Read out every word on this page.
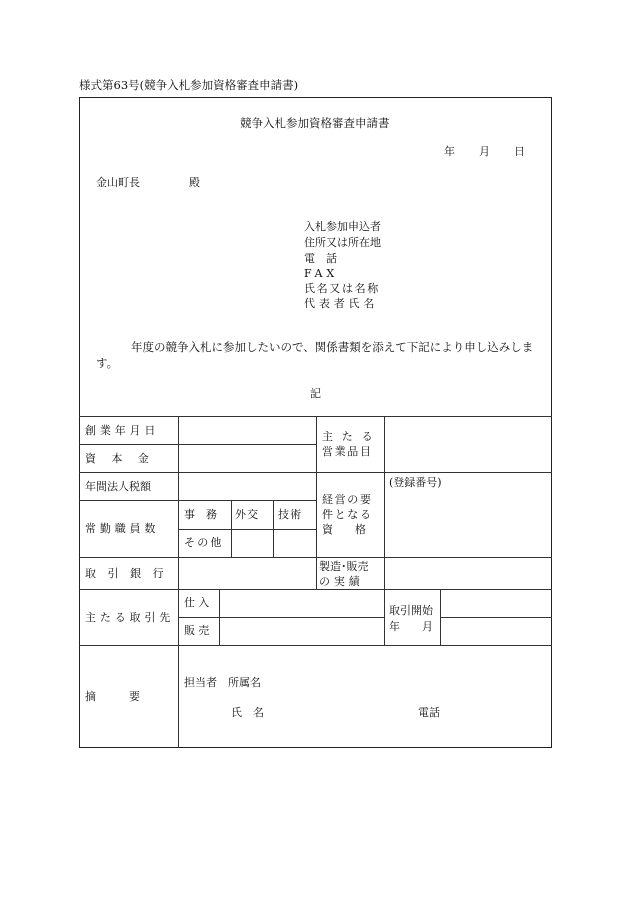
様式第63号(競争入札参加資格審査申請書)
競争入札参加資格審査申請書
年 月 日
金山町長	殿
入札参加申込者
住所又は所在地
電　話
FAX
氏名又は名称
代表者氏名
年度の競争入札に参加したいので、関係書類を添えて下記により申し込みしま
す。
記
創業年月日
資　本　金
年間法人税額
常勤職員数
取引銀行
主たる取引先
摘　　　要
事　務 外交 技術
その他
主たる
営業品目
経営の要
件となる
資　　格
(登録番号)
製造･販売
の実績
仕入
販売
取引開始
年　　月
担当者　所属名
氏　名	電話
